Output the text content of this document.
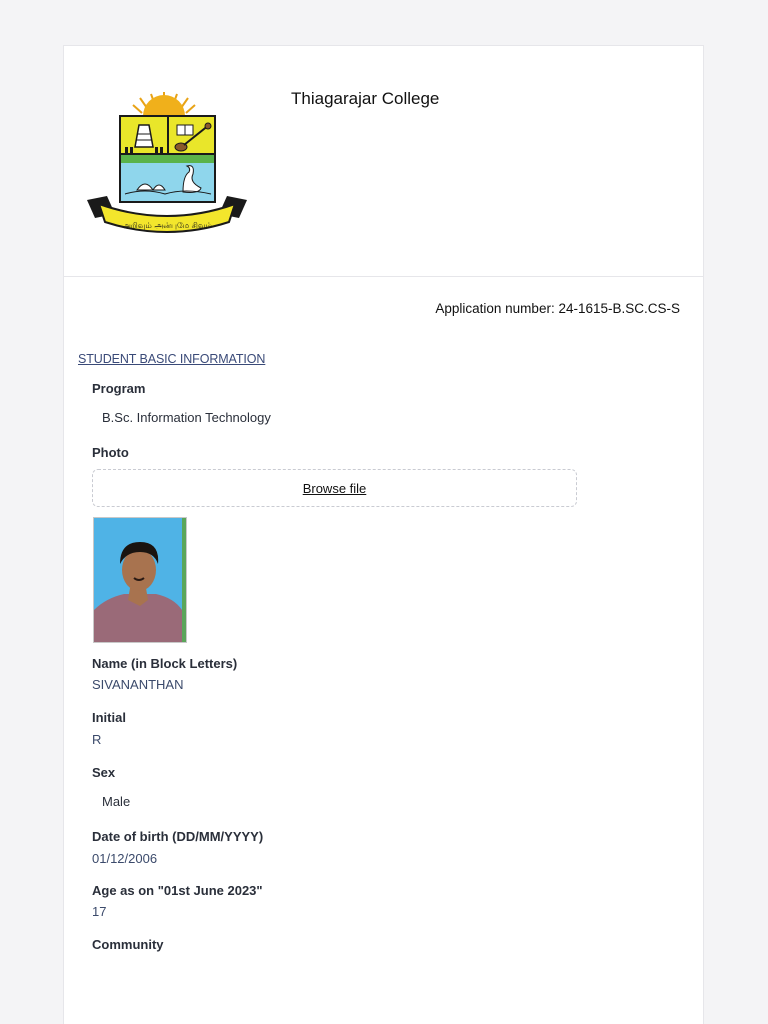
அறிவும் அன்புமே சிவம்
Thiagarajar College
Application number: 24-1615-B.SC.CS-S
STUDENT BASIC INFORMATION
Program
B.Sc. Information Technology
Photo
Browse file
Name (in Block Letters)
SIVANANTHAN
Initial
R
Sex
Male
Date of birth (DD/MM/YYYY)
01/12/2006
Age as on "01st June 2023"
17
Community
